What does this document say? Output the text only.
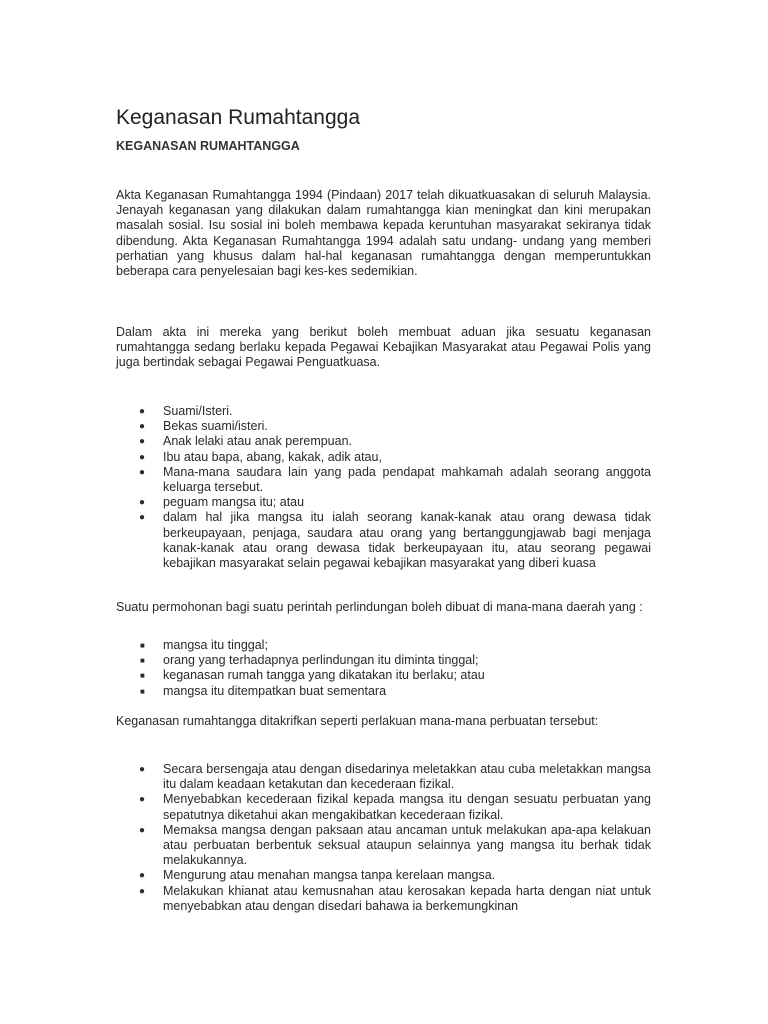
Keganasan Rumahtangga
KEGANASAN RUMAHTANGGA

Akta Keganasan Rumahtangga 1994 (Pindaan) 2017 telah dikuatkuasakan di seluruh Malaysia. Jenayah keganasan yang dilakukan dalam rumahtangga kian meningkat dan kini merupakan masalah sosial. Isu sosial ini boleh membawa kepada keruntuhan masyarakat sekiranya tidak dibendung. Akta Keganasan Rumahtangga 1994 adalah satu undang- undang yang memberi perhatian yang khusus dalam hal-hal keganasan rumahtangga dengan memperuntukkan beberapa cara penyelesaian bagi kes-kes sedemikian.

Dalam akta ini mereka yang berikut boleh membuat aduan jika sesuatu keganasan rumahtangga sedang berlaku kepada Pegawai Kebajikan Masyarakat atau Pegawai Polis yang juga bertindak sebagai Pegawai Penguatkuasa.

●	Suami/Isteri.
●	Bekas suami/isteri.
●	Anak lelaki atau anak perempuan.
●	Ibu atau bapa, abang, kakak, adik atau,
●	Mana-mana saudara lain yang pada pendapat mahkamah adalah seorang anggota keluarga tersebut.
●	peguam mangsa itu; atau
●	dalam hal jika mangsa itu ialah seorang kanak-kanak atau orang dewasa tidak berkeupayaan, penjaga, saudara atau orang yang bertanggungjawab bagi menjaga kanak-kanak atau orang dewasa tidak berkeupayaan itu, atau seorang pegawai kebajikan masyarakat selain pegawai kebajikan masyarakat yang diberi kuasa

Suatu permohonan bagi suatu perintah perlindungan boleh dibuat di mana-mana daerah yang :

■	mangsa itu tinggal;
■	orang yang terhadapnya perlindungan itu diminta tinggal;
■	keganasan rumah tangga yang dikatakan itu berlaku; atau
■	mangsa itu ditempatkan buat sementara

Keganasan rumahtangga ditakrifkan seperti perlakuan mana-mana perbuatan tersebut:

●	Secara bersengaja atau dengan disedarinya meletakkan atau cuba meletakkan mangsa itu dalam keadaan ketakutan dan kecederaan fizikal.
●	Menyebabkan kecederaan fizikal kepada mangsa itu dengan sesuatu perbuatan yang sepatutnya diketahui akan mengakibatkan kecederaan fizikal.
●	Memaksa mangsa dengan paksaan atau ancaman untuk melakukan apa-apa kelakuan atau perbuatan berbentuk seksual ataupun selainnya yang mangsa itu berhak tidak melakukannya.
●	Mengurung atau menahan mangsa tanpa kerelaan mangsa.
●	Melakukan khianat atau kemusnahan atau kerosakan kepada harta dengan niat untuk menyebabkan atau dengan disedari bahawa ia berkemungkinan
